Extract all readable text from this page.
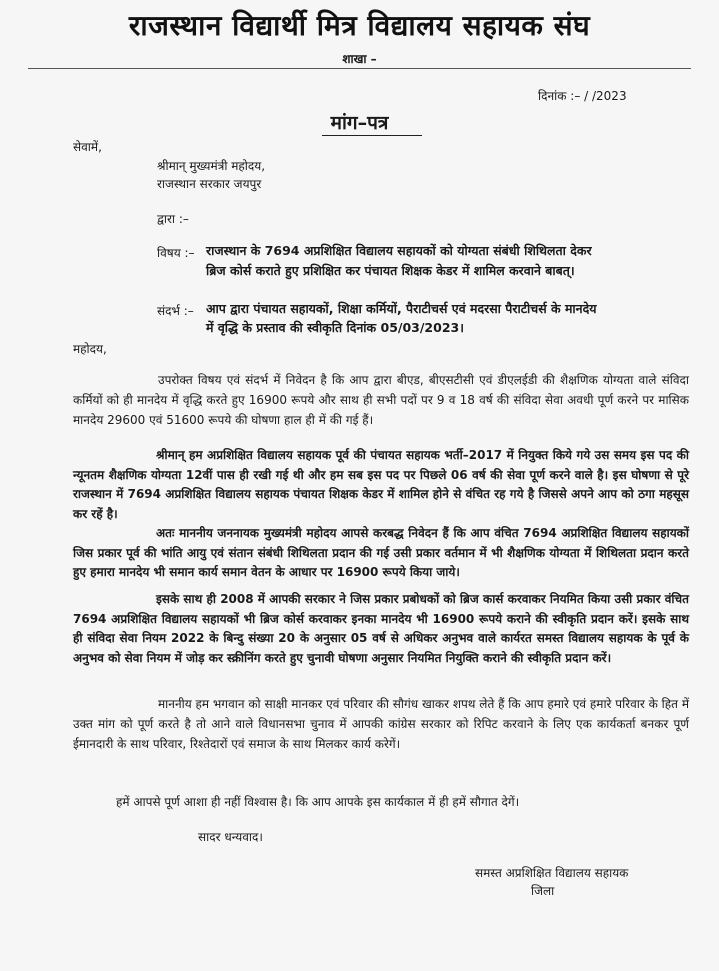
राजस्थान विद्यार्थी मित्र विद्यालय सहायक संघ
शाखा –
दिनांक :– / /2023
मांग–पत्र
सेवामें,
श्रीमान् मुख्यमंत्री महोदय,
राजस्थान सरकार जयपुर
द्वारा :–
विषय :– राजस्थान के 7694 अप्रशिक्षित विद्यालय सहायकों को योग्यता संबंधी शिथिलता देकर
ब्रिज कोर्स कराते हुए प्रशिक्षित कर पंचायत शिक्षक केडर में शामिल करवाने बाबत्।
संदर्भ :– आप द्वारा पंचायत सहायकों, शिक्षा कर्मियों, पैराटीचर्स एवं मदरसा पैराटीचर्स के मानदेय
में वृद्धि के प्रस्ताव की स्वीकृति दिनांक 05/03/2023।
महोदय,
उपरोक्त विषय एवं संदर्भ में निवेदन है कि आप द्वारा बीएड, बीएसटीसी एवं डीएलईडी की शैक्षणिक योग्यता वाले संविदा कर्मियों को ही मानदेय में वृद्धि करते हुए 16900 रूपये और साथ ही सभी पदों पर 9 व 18 वर्ष की संविदा सेवा अवधी पूर्ण करने पर मासिक मानदेय 29600 एवं 51600 रूपये की घोषणा हाल ही में की गई हैं।
श्रीमान् हम अप्रशिक्षित विद्यालय सहायक पूर्व की पंचायत सहायक भर्ती–2017 में नियुक्त किये गये उस समय इस पद की न्यूनतम शैक्षणिक योग्यता 12वीं पास ही रखी गई थी और हम सब इस पद पर पिछले 06 वर्ष की सेवा पूर्ण करने वाले है। इस घोषणा से पूरे राजस्थान में 7694 अप्रशिक्षित विद्यालय सहायक पंचायत शिक्षक केडर में शामिल होने से वंचित रह गये है जिससे अपने आप को ठगा महसूस कर रहें है।
अतः माननीय जननायक मुख्यमंत्री महोदय आपसे करबद्ध निवेदन हैं कि आप वंचित 7694 अप्रशिक्षित विद्यालय सहायकों जिस प्रकार पूर्व की भांति आयु एवं संतान संबंधी शिथिलता प्रदान की गई उसी प्रकार वर्तमान में भी शैक्षणिक योग्यता में शिथिलता प्रदान करते हुए हमारा मानदेय भी समान कार्य समान वेतन के आधार पर 16900 रूपये किया जाये।
इसके साथ ही 2008 में आपकी सरकार ने जिस प्रकार प्रबोधकों को ब्रिज कार्स करवाकर नियमित किया उसी प्रकार वंचित 7694 अप्रशिक्षित विद्यालय सहायकों भी ब्रिज कोर्स करवाकर इनका मानदेय भी 16900 रूपये कराने की स्वीकृति प्रदान करें। इसके साथ ही संविदा सेवा नियम 2022 के बिन्दु संख्या 20 के अनुसार 05 वर्ष से अधिकर अनुभव वाले कार्यरत समस्त विद्यालय सहायक के पूर्व के अनुभव को सेवा नियम में जोड़ कर स्क्रीनिंग करते हुए चुनावी घोषणा अनुसार नियमित नियुक्ति कराने की स्वीकृति प्रदान करें।
माननीय हम भगवान को साक्षी मानकर एवं परिवार की सौगंध खाकर शपथ लेते हैं कि आप हमारे एवं हमारे परिवार के हित में उक्त मांग को पूर्ण करते है तो आने वाले विधानसभा चुनाव में आपकी कांग्रेस सरकार को रिपिट करवाने के लिए एक कार्यकर्ता बनकर पूर्ण ईमानदारी के साथ परिवार, रिश्तेदारों एवं समाज के साथ मिलकर कार्य करेगें।
हमें आपसे पूर्ण आशा ही नहीं विश्वास है। कि आप आपके इस कार्यकाल में ही हमें सौगात देगें।
सादर धन्यवाद।
समस्त अप्रशिक्षित विद्यालय सहायक
जिला
